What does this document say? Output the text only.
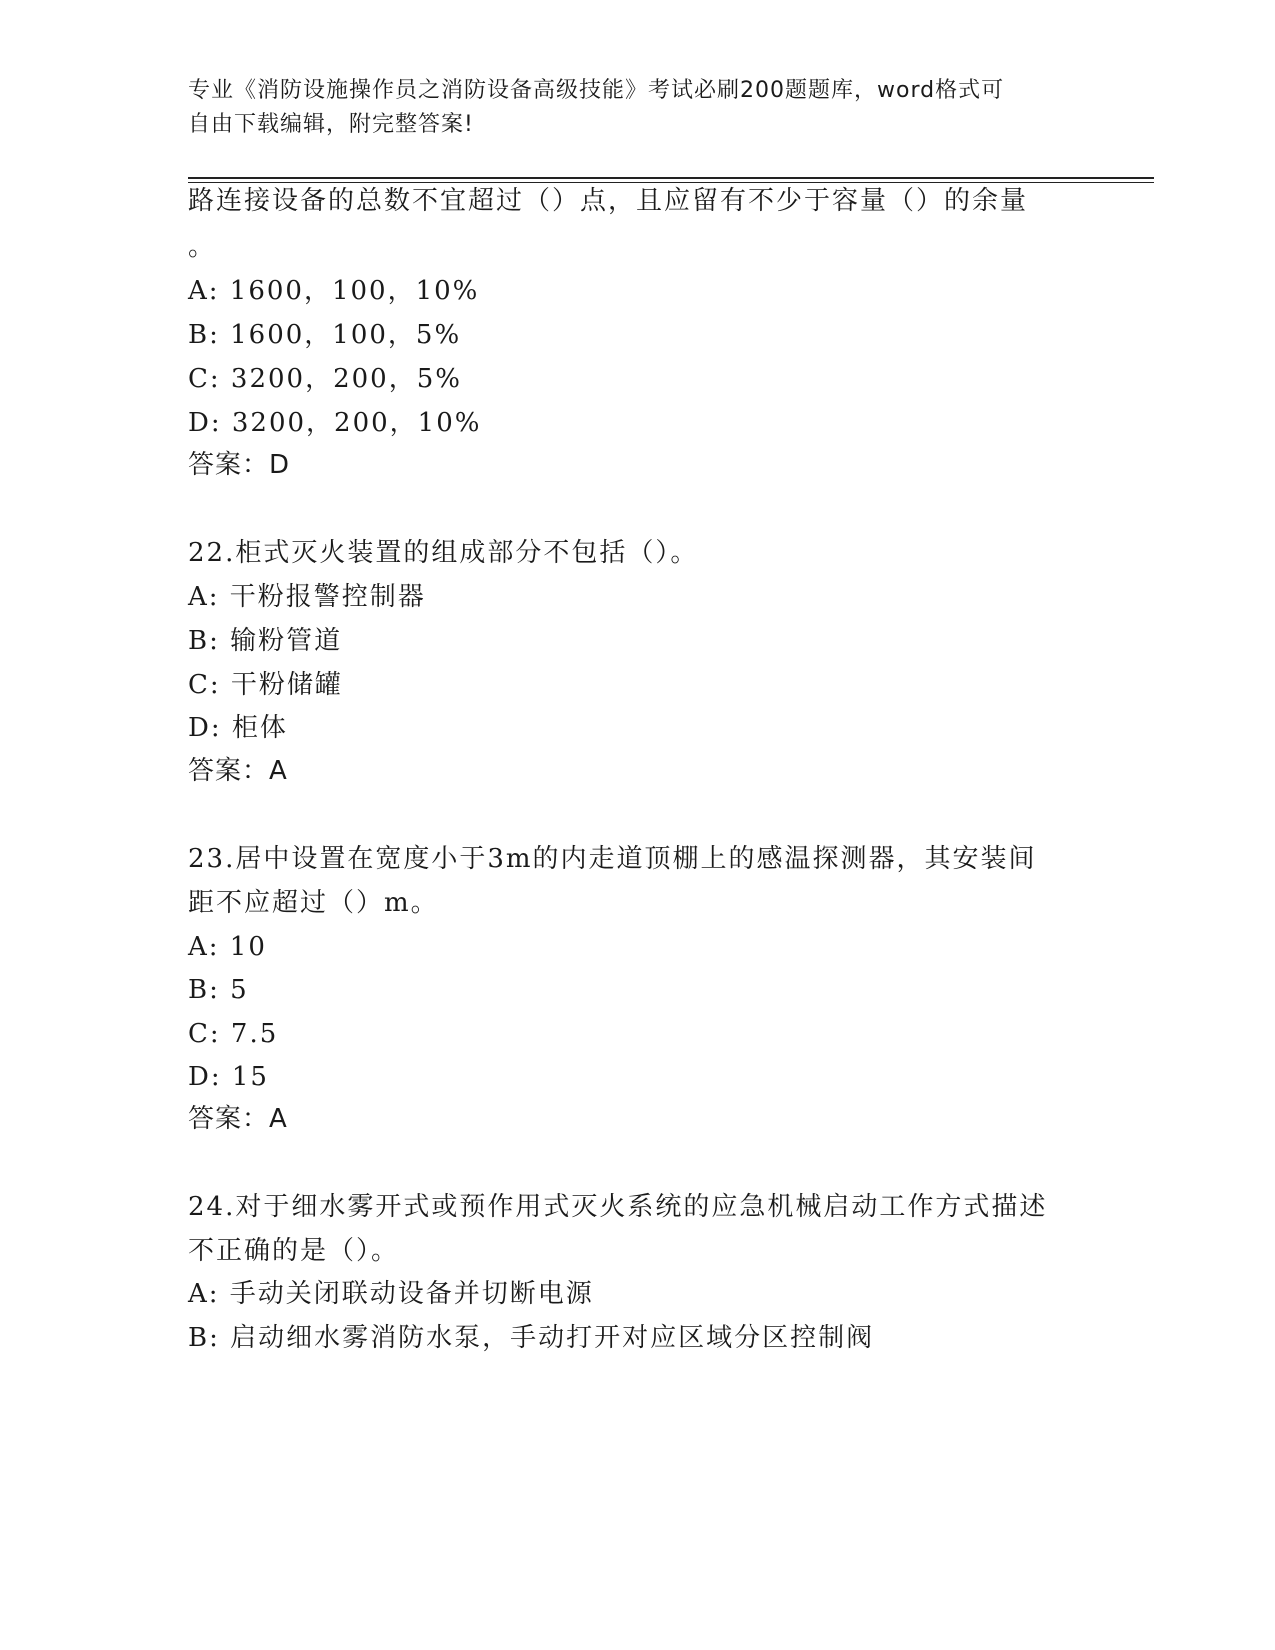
专业《消防设施操作员之消防设备高级技能》考试必刷200题题库，word格式可
自由下载编辑，附完整答案!
路连接设备的总数不宜超过（）点，且应留有不少于容量（）的余量
。
A: 1600，100，10%
B: 1600，100，5%
C: 3200，200，5%
D: 3200，200，10%
答案：D
22.柜式灭火装置的组成部分不包括（）。
A: 干粉报警控制器
B: 输粉管道
C: 干粉储罐
D: 柜体
答案：A
23.居中设置在宽度小于3m的内走道顶棚上的感温探测器，其安装间
距不应超过（）m。
A: 10
B: 5
C: 7.5
D: 15
答案：A
24.对于细水雾开式或预作用式灭火系统的应急机械启动工作方式描述
不正确的是（）。
A: 手动关闭联动设备并切断电源
B: 启动细水雾消防水泵，手动打开对应区域分区控制阀
